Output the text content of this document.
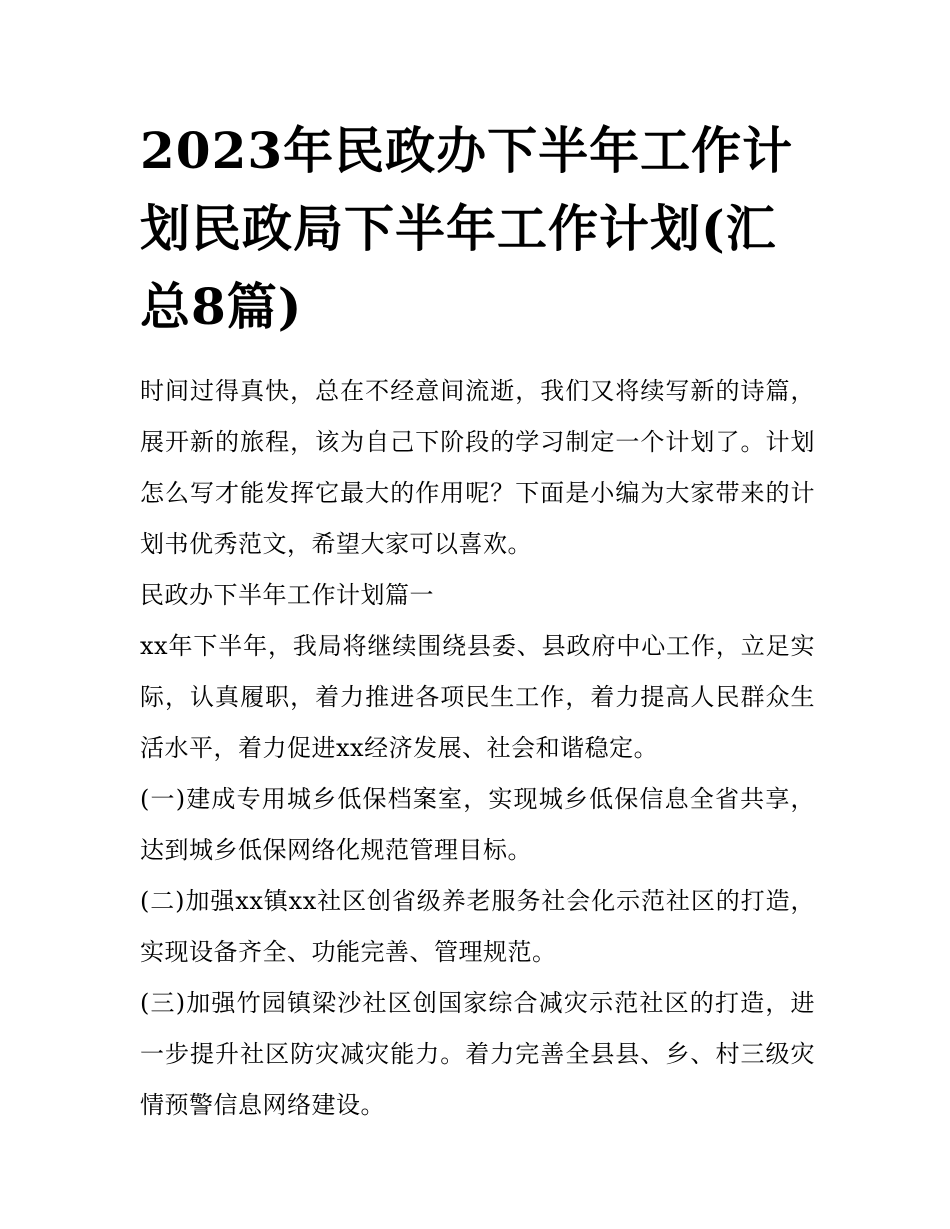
2023年民政办下半年工作计划民政局下半年工作计划(汇总8篇)

时间过得真快，总在不经意间流逝，我们又将续写新的诗篇，展开新的旅程，该为自己下阶段的学习制定一个计划了。计划怎么写才能发挥它最大的作用呢？下面是小编为大家带来的计划书优秀范文，希望大家可以喜欢。

民政办下半年工作计划篇一

xx年下半年，我局将继续围绕县委、县政府中心工作，立足实际，认真履职，着力推进各项民生工作，着力提高人民群众生活水平，着力促进xx经济发展、社会和谐稳定。

(一)建成专用城乡低保档案室，实现城乡低保信息全省共享，达到城乡低保网络化规范管理目标。

(二)加强xx镇xx社区创省级养老服务社会化示范社区的打造，实现设备齐全、功能完善、管理规范。

(三)加强竹园镇梁沙社区创国家综合减灾示范社区的打造，进一步提升社区防灾减灾能力。着力完善全县县、乡、村三级灾情预警信息网络建设。
